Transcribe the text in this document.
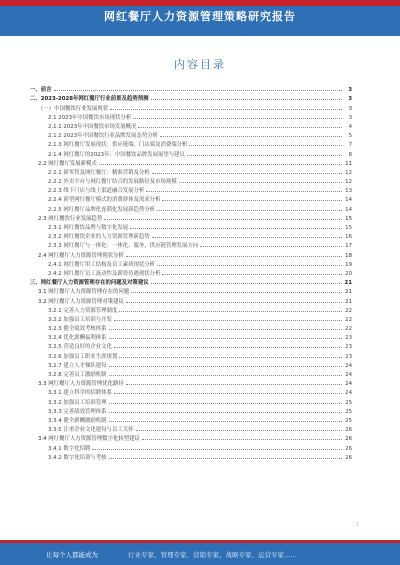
网红餐厅人力资源管理策略研究报告
内容目录
一、前言	3
二、2023-2028年网红餐厅行业前景及趋势预测	3
（一）中国餐饮行业发展现状	3
2.1 2023年中国餐饮市场现状分析	3
2.1.1 2023年中国餐饮市场发展概况	4
2.1.2 2023年中国餐饮行业品牌发展态势分析	5
2.1.3 网红餐厅发展现状：供应链端、门店端及消费端分析	7
2.1.4 网红餐厅的2023年：中国餐饮品牌发展展望与建议	8
2.2 网红餐厅发展新模式	11
2.2.1 新零售及网红餐厅：精准营销及分析	12
2.2.2 外卖平台与网红餐厅结合的发展路径及市场规模	12
2.2.3 线下门店与线上渠道融合发展分析	13
2.2.4 新型网红餐厅模式的消费群体及需求分析	14
2.2.5 网红餐厅品牌化连锁化发展新趋势分析	14
2.3 网红餐饮行业发展趋势	15
2.3.1 网红餐饮品牌与数字化发展	15
2.3.2 网红餐饮企业的人力资源管理新趋势	16
2.3.3 网红餐厅与一体化：一体化、服务、供应链管理发展方向	17
2.4 网红餐厅人力资源管理现状分析	18
2.4.1 网红餐厅用工结构及员工素质现状分析	19
2.4.2 网红餐厅员工流动性及薪资待遇现状分析	20
三、网红餐厅人力资源管理存在的问题及对策建议	21
3.1 网红餐厅人力资源管理存在的问题	21
3.2 网红餐厅人力资源管理对策建议	21
3.2.1 完善人力资源管理制度	22
3.2.2 加强员工培训与开发	22
3.2.3 健全绩效考核体系	22
3.2.4 优化薪酬福利体系	23
3.2.5 营造良好的企业文化	23
3.2.6 加强员工职业生涯规划	23
3.2.7 建立人才梯队建设	24
3.2.8 完善员工激励机制	24
3.3 网红餐厅人力资源管理优化路径	24
3.3.1 建立科学的招聘体系	24
3.3.2 加强员工培训管理	25
3.3.3 完善绩效管理体系	25
3.3.4 健全薪酬激励机制	25
3.3.5 注重企业文化建设与员工关怀	26
3.4 网红餐厅人力资源管理数字化转型建议	26
3.4.1 数字化招聘	26
3.4.2 数字化培训与考核	26
1
让每个人都能成为	行业专家、管理专家、营销专家、战略专家、运营专家……
